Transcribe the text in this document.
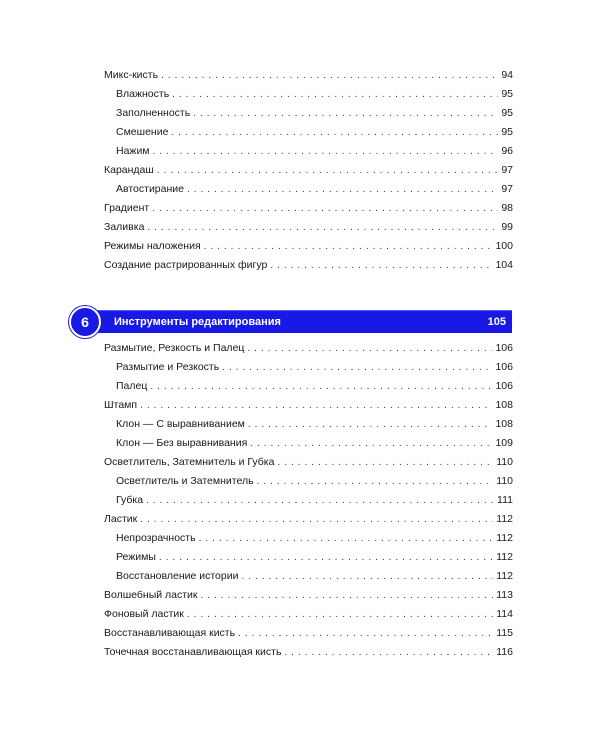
Микс-кисть . . .	94
Влажность . . .	95
Заполненность . . .	95
Смешение . . .	95
Нажим . . .	96
Карандаш . . .	97
Автостирание . . .	97
Градиент . . .	98
Заливка . . .	99
Режимы наложения . . .	100
Создание растрированных фигур . . .	104
Инструменты редактирования	105
6
Размытие, Резкость и Палец . . .	106
Размытие и Резкость . . .	106
Палец . . .	106
Штамп . . .	108
Клон — С выравниванием . . .	108
Клон — Без выравнивания . . .	109
Осветлитель, Затемнитель и Губка . . .	110
Осветлитель и Затемнитель . . .	110
Губка . . .	111
Ластик . . .	112
Непрозрачность . . .	112
Режимы . . .	112
Восстановление истории . . .	112
Волшебный ластик . . .	113
Фоновый ластик . . .	114
Восстанавливающая кисть . . .	115
Точечная восстанавливающая кисть . . .	116
